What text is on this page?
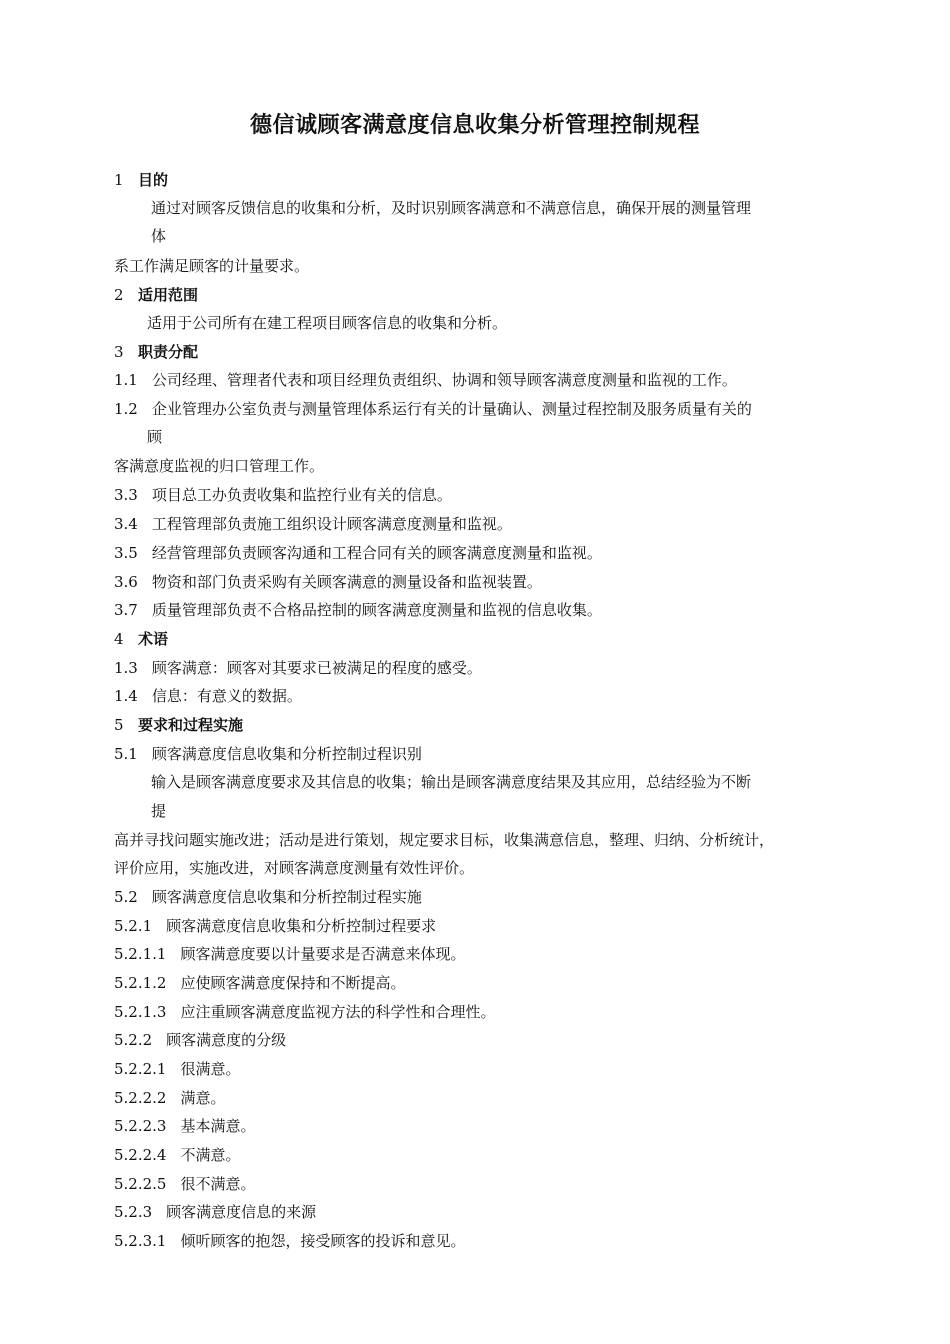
德信诚顾客满意度信息收集分析管理控制规程
1 目的
通过对顾客反馈信息的收集和分析，及时识别顾客满意和不满意信息，确保开展的测量管理
体
系工作满足顾客的计量要求。
2 适用范围
适用于公司所有在建工程项目顾客信息的收集和分析。
3 职责分配
1.1 公司经理、管理者代表和项目经理负责组织、协调和领导顾客满意度测量和监视的工作。
1.2 企业管理办公室负责与测量管理体系运行有关的计量确认、测量过程控制及服务质量有关的
顾
客满意度监视的归口管理工作。
3.3 项目总工办负责收集和监控行业有关的信息。
3.4 工程管理部负责施工组织设计顾客满意度测量和监视。
3.5 经营管理部负责顾客沟通和工程合同有关的顾客满意度测量和监视。
3.6 物资和部门负责采购有关顾客满意的测量设备和监视装置。
3.7 质量管理部负责不合格品控制的顾客满意度测量和监视的信息收集。
4 术语
1.3 顾客满意：顾客对其要求已被满足的程度的感受。
1.4 信息：有意义的数据。
5 要求和过程实施
5.1 顾客满意度信息收集和分析控制过程识别
输入是顾客满意度要求及其信息的收集；输出是顾客满意度结果及其应用，总结经验为不断
提
高并寻找问题实施改进；活动是进行策划，规定要求目标，收集满意信息，整理、归纳、分析统计，
评价应用，实施改进，对顾客满意度测量有效性评价。
5.2 顾客满意度信息收集和分析控制过程实施
5.2.1 顾客满意度信息收集和分析控制过程要求
5.2.1.1 顾客满意度要以计量要求是否满意来体现。
5.2.1.2 应使顾客满意度保持和不断提高。
5.2.1.3 应注重顾客满意度监视方法的科学性和合理性。
5.2.2 顾客满意度的分级
5.2.2.1 很满意。
5.2.2.2 满意。
5.2.2.3 基本满意。
5.2.2.4 不满意。
5.2.2.5 很不满意。
5.2.3 顾客满意度信息的来源
5.2.3.1 倾听顾客的抱怨，接受顾客的投诉和意见。
